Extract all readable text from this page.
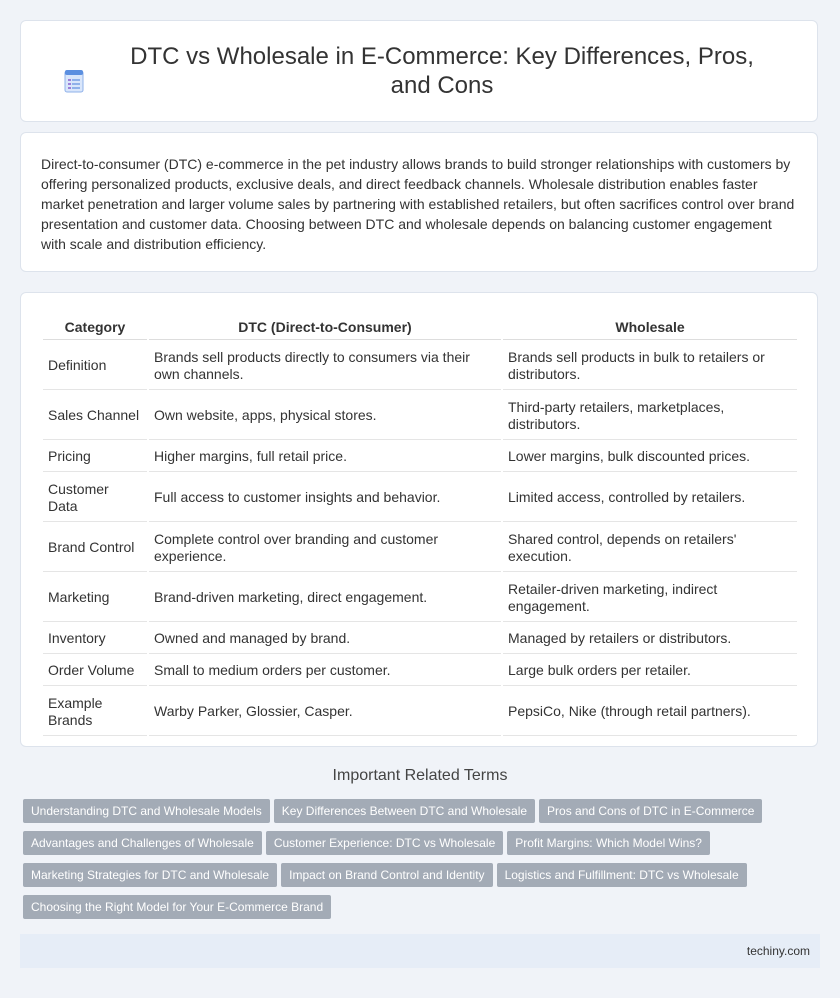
DTC vs Wholesale in E-Commerce: Key Differences, Pros, and Cons

Direct-to-consumer (DTC) e-commerce in the pet industry allows brands to build stronger relationships with customers by offering personalized products, exclusive deals, and direct feedback channels. Wholesale distribution enables faster market penetration and larger volume sales by partnering with established retailers, but often sacrifices control over brand presentation and customer data. Choosing between DTC and wholesale depends on balancing customer engagement with scale and distribution efficiency.

Category	DTC (Direct-to-Consumer)	Wholesale
Definition	Brands sell products directly to consumers via their own channels.	Brands sell products in bulk to retailers or distributors.
Sales Channel	Own website, apps, physical stores.	Third-party retailers, marketplaces, distributors.
Pricing	Higher margins, full retail price.	Lower margins, bulk discounted prices.
Customer Data	Full access to customer insights and behavior.	Limited access, controlled by retailers.
Brand Control	Complete control over branding and customer experience.	Shared control, depends on retailers' execution.
Marketing	Brand-driven marketing, direct engagement.	Retailer-driven marketing, indirect engagement.
Inventory	Owned and managed by brand.	Managed by retailers or distributors.
Order Volume	Small to medium orders per customer.	Large bulk orders per retailer.
Example Brands	Warby Parker, Glossier, Casper.	PepsiCo, Nike (through retail partners).
Important Related Terms
Understanding DTC and Wholesale Models Key Differences Between DTC and Wholesale Pros and Cons of DTC in E-Commerce
Advantages and Challenges of Wholesale Customer Experience: DTC vs Wholesale Profit Margins: Which Model Wins?
Marketing Strategies for DTC and Wholesale Impact on Brand Control and Identity Logistics and Fulfillment: DTC vs Wholesale
Choosing the Right Model for Your E-Commerce Brand
techiny.com
